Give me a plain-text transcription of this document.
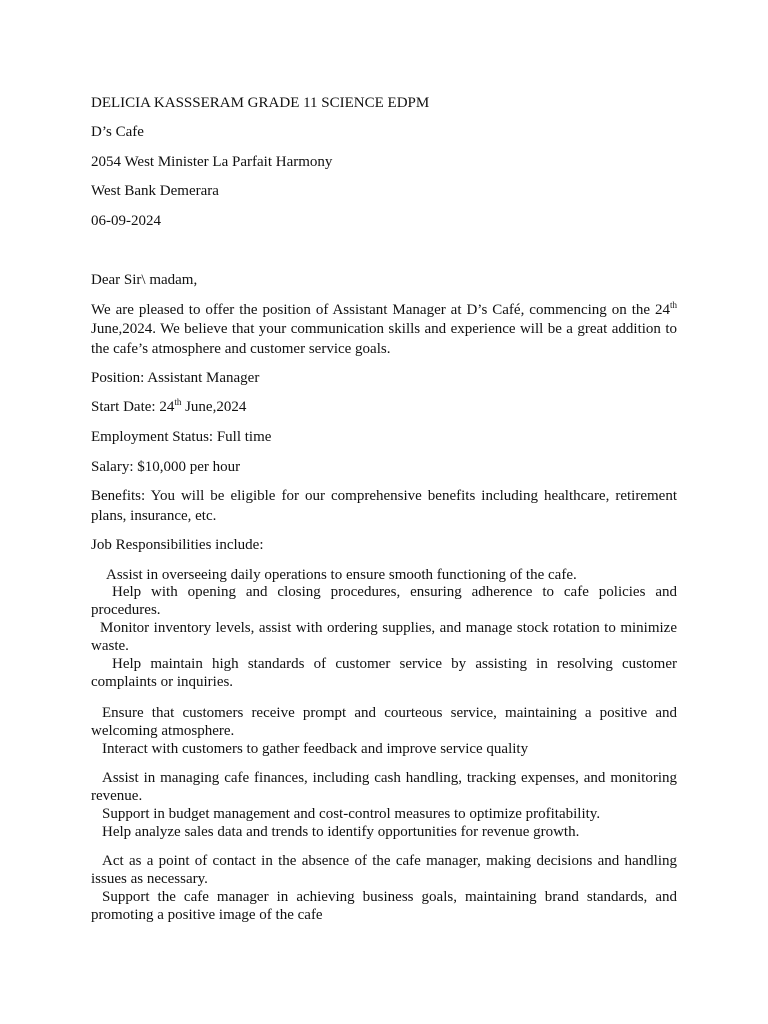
DELICIA KASSSERAM GRADE 11 SCIENCE EDPM
D’s Cafe
2054 West Minister La Parfait Harmony
West Bank Demerara
06-09-2024
Dear Sir\ madam,
We are pleased to offer the position of Assistant Manager at D’s Café, commencing on the 24th
June,2024. We believe that your communication skills and experience will be a great addition to
the cafe’s atmosphere and customer service goals.
Position: Assistant Manager
Start Date: 24th June,2024
Employment Status: Full time
Salary: $10,000 per hour
Benefits: You will be eligible for our comprehensive benefits including healthcare, retirement
plans, insurance, etc.
Job Responsibilities include:
Assist in overseeing daily operations to ensure smooth functioning of the cafe.
Help with opening and closing procedures, ensuring adherence to cafe policies and procedures.
Monitor inventory levels, assist with ordering supplies, and manage stock rotation to minimize waste.
Help maintain high standards of customer service by assisting in resolving customer complaints or inquiries.
Ensure that customers receive prompt and courteous service, maintaining a positive and welcoming atmosphere.
Interact with customers to gather feedback and improve service quality
Assist in managing cafe finances, including cash handling, tracking expenses, and monitoring revenue.
Support in budget management and cost-control measures to optimize profitability.
Help analyze sales data and trends to identify opportunities for revenue growth.
Act as a point of contact in the absence of the cafe manager, making decisions and handling issues as necessary.
Support the cafe manager in achieving business goals, maintaining brand standards, and promoting a positive image of the cafe
